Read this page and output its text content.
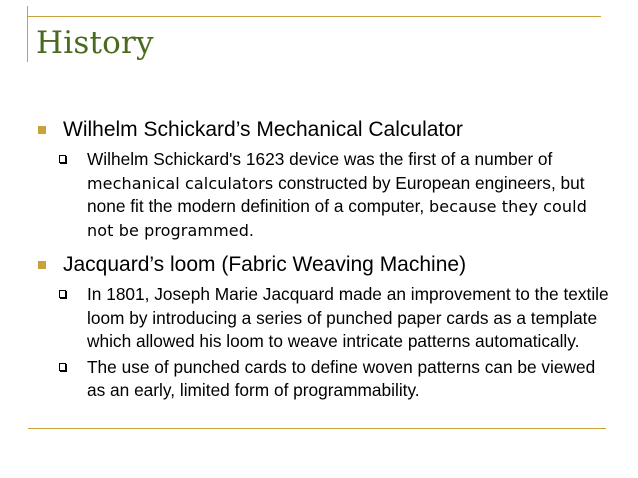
History
Wilhelm Schickard’s Mechanical Calculator
Wilhelm Schickard's 1623 device was the first of a number of mechanical calculators constructed by European engineers, but none fit the modern definition of a computer, because they could not be programmed.
Jacquard’s loom (Fabric Weaving Machine)
In 1801, Joseph Marie Jacquard made an improvement to the textile loom by introducing a series of punched paper cards as a template which allowed his loom to weave intricate patterns automatically.
The use of punched cards to define woven patterns can be viewed as an early, limited form of programmability.
